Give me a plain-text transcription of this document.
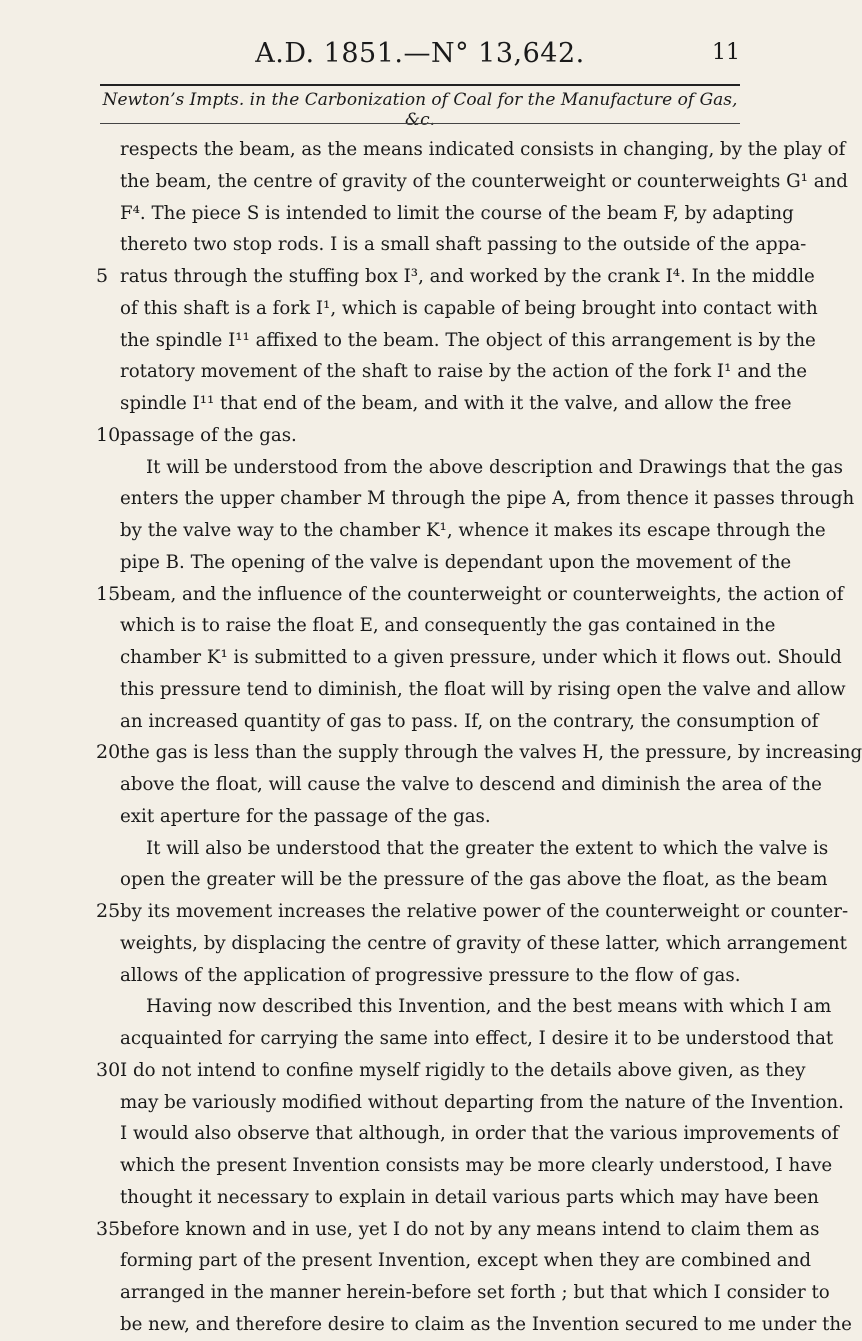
A.D. 1851.—N° 13,642.	11
Newton’s Impts. in the Carbonization of Coal for the Manufacture of Gas, &c.
5
10
15
20
25
30
35
respects the beam, as the means indicated consists in changing, by the play of
the beam, the centre of gravity of the counterweight or counterweights G¹ and
F⁴. The piece S is intended to limit the course of the beam F, by adapting
thereto two stop rods. I is a small shaft passing to the outside of the appa-
ratus through the stuffing box I³, and worked by the crank I⁴. In the middle
of this shaft is a fork I¹, which is capable of being brought into contact with
the spindle I¹¹ affixed to the beam. The object of this arrangement is by the
rotatory movement of the shaft to raise by the action of the fork I¹ and the
spindle I¹¹ that end of the beam, and with it the valve, and allow the free
passage of the gas.
It will be understood from the above description and Drawings that the gas
enters the upper chamber M through the pipe A, from thence it passes through
by the valve way to the chamber K¹, whence it makes its escape through the
pipe B. The opening of the valve is dependant upon the movement of the
beam, and the influence of the counterweight or counterweights, the action of
which is to raise the float E, and consequently the gas contained in the
chamber K¹ is submitted to a given pressure, under which it flows out. Should
this pressure tend to diminish, the float will by rising open the valve and allow
an increased quantity of gas to pass. If, on the contrary, the consumption of
the gas is less than the supply through the valves H, the pressure, by increasing
above the float, will cause the valve to descend and diminish the area of the
exit aperture for the passage of the gas.
It will also be understood that the greater the extent to which the valve is
open the greater will be the pressure of the gas above the float, as the beam
by its movement increases the relative power of the counterweight or counter-
weights, by displacing the centre of gravity of these latter, which arrangement
allows of the application of progressive pressure to the flow of gas.
Having now described this Invention, and the best means with which I am
acquainted for carrying the same into effect, I desire it to be understood that
I do not intend to confine myself rigidly to the details above given, as they
may be variously modified without departing from the nature of the Invention.
I would also observe that although, in order that the various improvements of
which the present Invention consists may be more clearly understood, I have
thought it necessary to explain in detail various parts which may have been
before known and in use, yet I do not by any means intend to claim them as
forming part of the present Invention, except when they are combined and
arranged in the manner herein-before set forth ; but that which I consider to
be new, and therefore desire to claim as the Invention secured to me under the
